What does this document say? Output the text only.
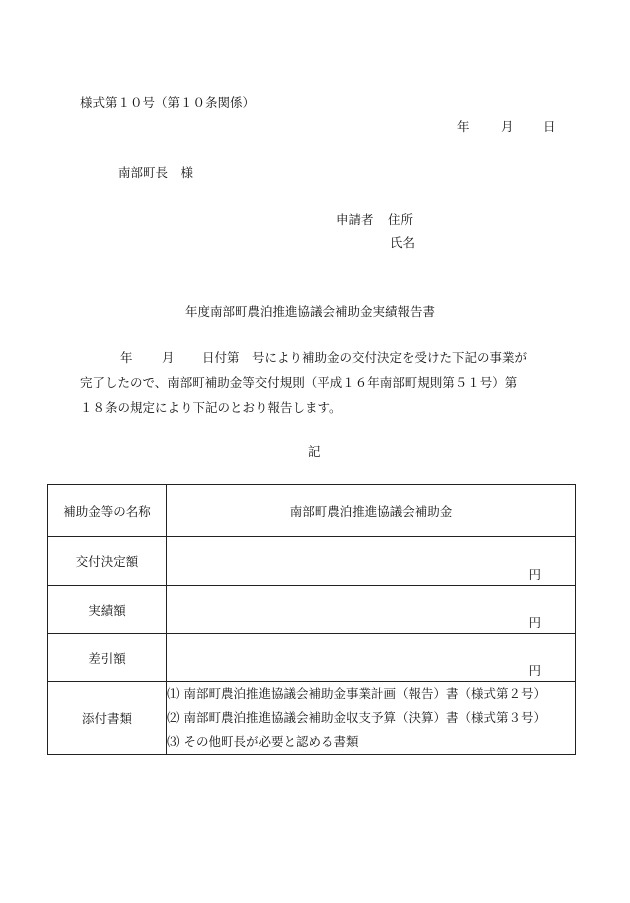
様式第１０号（第１０条関係）
年	月 日
南部町長　様
申請者 住所
氏名
年度南部町農泊推進協議会補助金実績報告書
年 月 日付第　号により補助金の交付決定を受けた下記の事業が
完了したので、南部町補助金等交付規則（平成１６年南部町規則第５１号）第
１８条の規定により下記のとおり報告します。
記
補助金等の名称	南部町農泊推進協議会補助金
交付決定額	円

実績額	円

差引額	円

添付書類	⑴ 南部町農泊推進協議会補助金事業計画（報告）書（様式第２号）
⑵ 南部町農泊推進協議会補助金収支予算（決算）書（様式第３号）
⑶ その他町長が必要と認める書類
